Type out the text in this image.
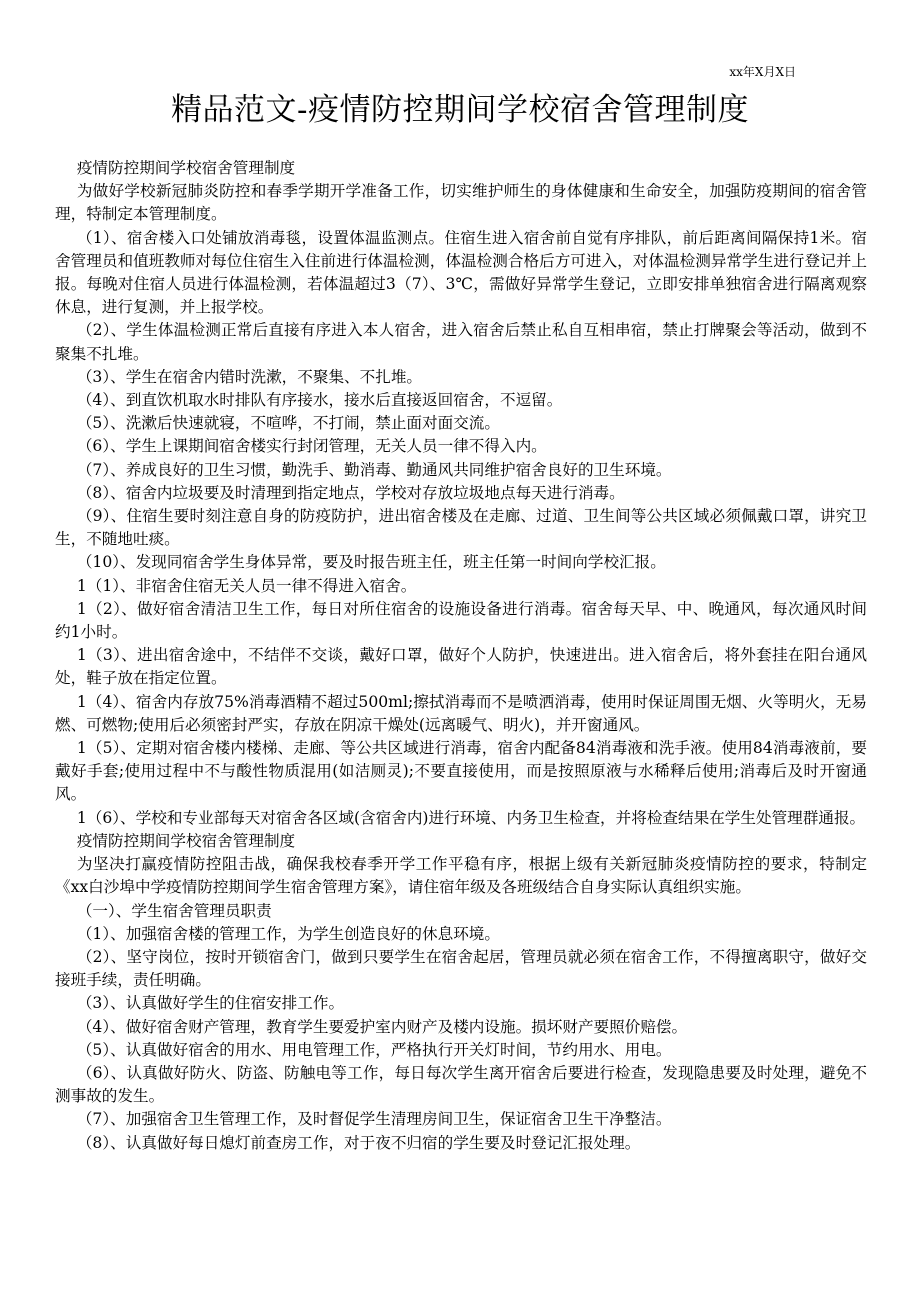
xx年X月X日
精品范文-疫情防控期间学校宿舍管理制度

疫情防控期间学校宿舍管理制度

为做好学校新冠肺炎防控和春季学期开学准备工作，切实维护师生的身体健康和生命安全，加强防疫期间的宿舍管理，特制定本管理制度。

（1）、宿舍楼入口处铺放消毒毯，设置体温监测点。住宿生进入宿舍前自觉有序排队，前后距离间隔保持1米。宿舍管理员和值班教师对每位住宿生入住前进行体温检测，体温检测合格后方可进入，对体温检测异常学生进行登记并上报。每晚对住宿人员进行体温检测，若体温超过3（7）、3℃，需做好异常学生登记，立即安排单独宿舍进行隔离观察休息，进行复测，并上报学校。

（2）、学生体温检测正常后直接有序进入本人宿舍，进入宿舍后禁止私自互相串宿，禁止打牌聚会等活动，做到不聚集不扎堆。

（3）、学生在宿舍内错时洗漱，不聚集、不扎堆。

（4）、到直饮机取水时排队有序接水，接水后直接返回宿舍，不逗留。

（5）、洗漱后快速就寝，不喧哗，不打闹，禁止面对面交流。

（6）、学生上课期间宿舍楼实行封闭管理，无关人员一律不得入内。

（7）、养成良好的卫生习惯，勤洗手、勤消毒、勤通风共同维护宿舍良好的卫生环境。

（8）、宿舍内垃圾要及时清理到指定地点，学校对存放垃圾地点每天进行消毒。

（9）、住宿生要时刻注意自身的防疫防护，进出宿舍楼及在走廊、过道、卫生间等公共区域必须佩戴口罩，讲究卫生，不随地吐痰。

（10）、发现同宿舍学生身体异常，要及时报告班主任，班主任第一时间向学校汇报。

1（1）、非宿舍住宿无关人员一律不得进入宿舍。

1（2）、做好宿舍清洁卫生工作，每日对所住宿舍的设施设备进行消毒。宿舍每天早、中、晚通风，每次通风时间约1小时。

1（3）、进出宿舍途中，不结伴不交谈，戴好口罩，做好个人防护，快速进出。进入宿舍后，将外套挂在阳台通风处，鞋子放在指定位置。

1（4）、宿舍内存放75%消毒酒精不超过500ml;擦拭消毒而不是喷洒消毒，使用时保证周围无烟、火等明火，无易燃、可燃物;使用后必须密封严实，存放在阴凉干燥处(远离暖气、明火)，并开窗通风。

1（5）、定期对宿舍楼内楼梯、走廊、等公共区域进行消毒，宿舍内配备84消毒液和洗手液。使用84消毒液前，要戴好手套;使用过程中不与酸性物质混用(如洁厕灵);不要直接使用，而是按照原液与水稀释后使用;消毒后及时开窗通风。

1（6）、学校和专业部每天对宿舍各区域(含宿舍内)进行环境、内务卫生检查，并将检查结果在学生处管理群通报。

疫情防控期间学校宿舍管理制度

为坚决打赢疫情防控阻击战，确保我校春季开学工作平稳有序，根据上级有关新冠肺炎疫情防控的要求，特制定《xx白沙埠中学疫情防控期间学生宿舍管理方案》，请住宿年级及各班级结合自身实际认真组织实施。

（一）、学生宿舍管理员职责

（1）、加强宿舍楼的管理工作，为学生创造良好的休息环境。

（2）、坚守岗位，按时开锁宿舍门，做到只要学生在宿舍起居，管理员就必须在宿舍工作，不得擅离职守，做好交接班手续，责任明确。

（3）、认真做好学生的住宿安排工作。

（4）、做好宿舍财产管理，教育学生要爱护室内财产及楼内设施。损坏财产要照价赔偿。

（5）、认真做好宿舍的用水、用电管理工作，严格执行开关灯时间，节约用水、用电。

（6）、认真做好防火、防盗、防触电等工作，每日每次学生离开宿舍后要进行检查，发现隐患要及时处理，避免不测事故的发生。

（7）、加强宿舍卫生管理工作，及时督促学生清理房间卫生，保证宿舍卫生干净整洁。

（8）、认真做好每日熄灯前查房工作，对于夜不归宿的学生要及时登记汇报处理。
